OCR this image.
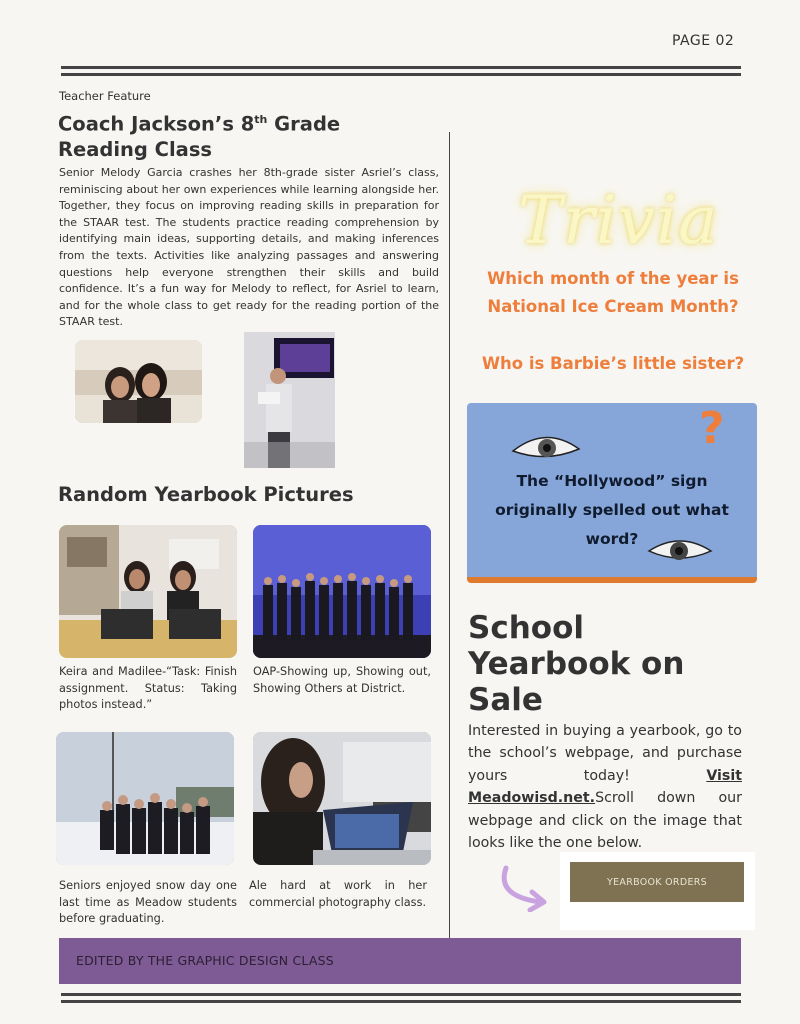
PAGE 02
Teacher Feature
Coach Jackson’s 8th Grade
Reading Class
Senior Melody Garcia crashes her 8th-grade sister Asriel’s class, reminiscing about her own experiences while learning alongside her. Together, they focus on improving reading skills in preparation for the STAAR test. The students practice reading comprehension by identifying main ideas, supporting details, and making inferences from the texts. Activities like analyzing passages and answering questions help everyone strengthen their skills and build confidence. It’s a fun way for Melody to reflect, for Asriel to learn, and for the whole class to get ready for the reading portion of the STAAR test.
Random Yearbook Pictures
Keira and Madilee-“Task: Finish assignment. Status: Taking photos instead.”
OAP-Showing up, Showing out, Showing Others at District.
Seniors enjoyed snow day one last time as Meadow students before graduating.
Ale hard at work in her commercial photography class.
Trivia
Which month of the year is
National Ice Cream Month?
Who is Barbie’s little sister?
?
The “Hollywood” sign
originally spelled out what
word?
School
Yearbook on
Sale
Interested in buying a yearbook, go to the school’s webpage, and purchase yours today! Visit Meadowisd.net.Scroll down our webpage and click on the image that looks like the one below.
YEARBOOK ORDERS
EDITED BY THE GRAPHIC DESIGN CLASS
